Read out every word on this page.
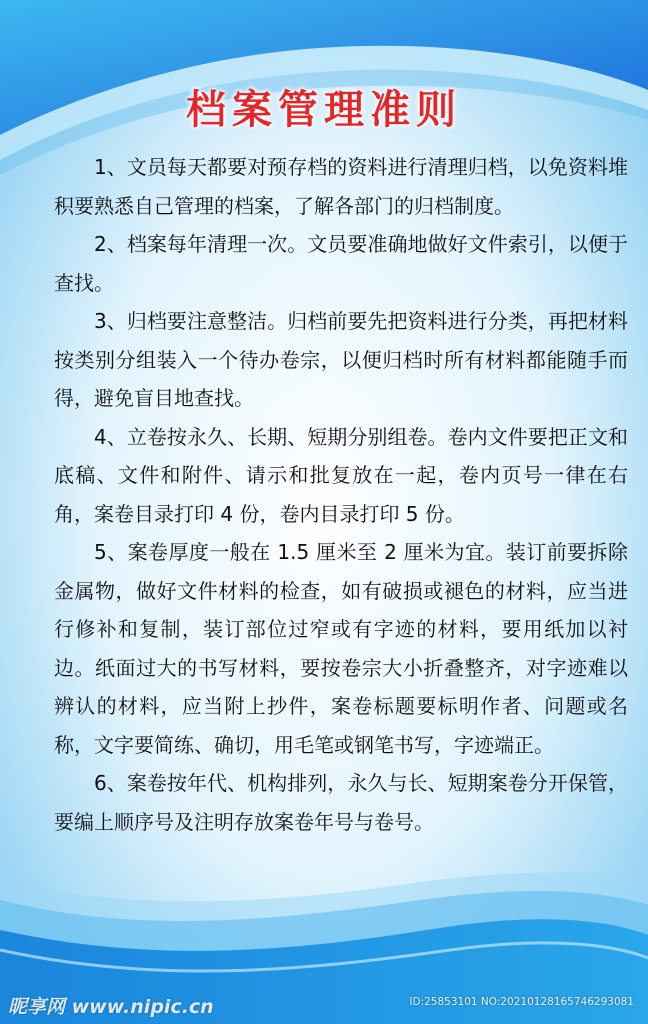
档案管理准则

1、文员每天都要对预存档的资料进行清理归档，以免资料堆积要熟悉自己管理的档案，了解各部门的归档制度。

2、档案每年清理一次。文员要准确地做好文件索引，以便于查找。

3、归档要注意整洁。归档前要先把资料进行分类，再把材料按类别分组装入一个待办卷宗，以便归档时所有材料都能随手而得，避免盲目地查找。

4、立卷按永久、长期、短期分别组卷。卷内文件要把正文和底稿、文件和附件、请示和批复放在一起，卷内页号一律在右角，案卷目录打印 4 份，卷内目录打印 5 份。

5、案卷厚度一般在 1.5 厘米至 2 厘米为宜。装订前要拆除金属物，做好文件材料的检查，如有破损或褪色的材料，应当进行修补和复制，装订部位过窄或有字迹的材料，要用纸加以衬边。纸面过大的书写材料，要按卷宗大小折叠整齐，对字迹难以辨认的材料，应当附上抄件，案卷标题要标明作者、问题或名称，文字要简练、确切，用毛笔或钢笔书写，字迹端正。

6、案卷按年代、机构排列，永久与长、短期案卷分开保管，要编上顺序号及注明存放案卷年号与卷号。

昵享网 www.nipic.cn	ID:25853101 NO:20210128165746293081
